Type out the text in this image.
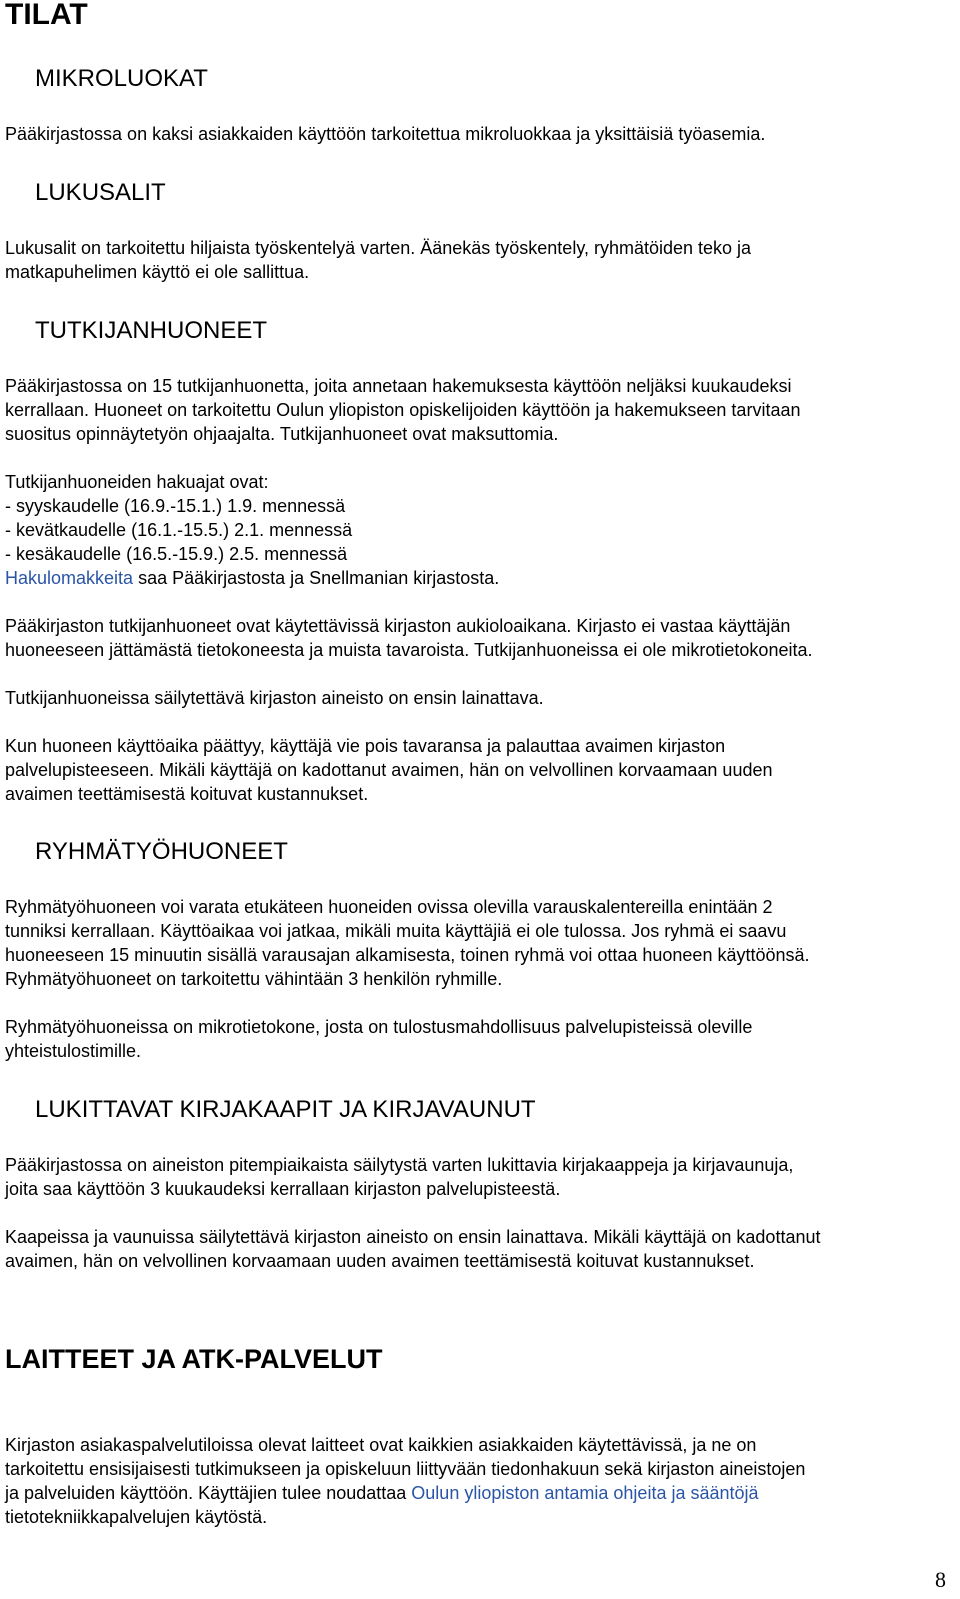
TILAT
MIKROLUOKAT
Pääkirjastossa on kaksi asiakkaiden käyttöön tarkoitettua mikroluokkaa ja yksittäisiä työasemia.
LUKUSALIT
Lukusalit on tarkoitettu hiljaista työskentelyä varten. Äänekäs työskentely, ryhmätöiden teko ja
matkapuhelimen käyttö ei ole sallittua.
TUTKIJANHUONEET
Pääkirjastossa on 15 tutkijanhuonetta, joita annetaan hakemuksesta käyttöön neljäksi kuukaudeksi
kerrallaan. Huoneet on tarkoitettu Oulun yliopiston opiskelijoiden käyttöön ja hakemukseen tarvitaan
suositus opinnäytetyön ohjaajalta. Tutkijanhuoneet ovat maksuttomia.
Tutkijanhuoneiden hakuajat ovat:
- syyskaudelle (16.9.-15.1.) 1.9. mennessä
- kevätkaudelle (16.1.-15.5.) 2.1. mennessä
- kesäkaudelle (16.5.-15.9.) 2.5. mennessä
Hakulomakkeita saa Pääkirjastosta ja Snellmanian kirjastosta.
Pääkirjaston tutkijanhuoneet ovat käytettävissä kirjaston aukioloaikana. Kirjasto ei vastaa käyttäjän
huoneeseen jättämästä tietokoneesta ja muista tavaroista. Tutkijanhuoneissa ei ole mikrotietokoneita.
Tutkijanhuoneissa säilytettävä kirjaston aineisto on ensin lainattava.
Kun huoneen käyttöaika päättyy, käyttäjä vie pois tavaransa ja palauttaa avaimen kirjaston
palvelupisteeseen. Mikäli käyttäjä on kadottanut avaimen, hän on velvollinen korvaamaan uuden
avaimen teettämisestä koituvat kustannukset.
RYHMÄTYÖHUONEET
Ryhmätyöhuoneen voi varata etukäteen huoneiden ovissa olevilla varauskalentereilla enintään 2
tunniksi kerrallaan. Käyttöaikaa voi jatkaa, mikäli muita käyttäjiä ei ole tulossa. Jos ryhmä ei saavu
huoneeseen 15 minuutin sisällä varausajan alkamisesta, toinen ryhmä voi ottaa huoneen käyttöönsä.
Ryhmätyöhuoneet on tarkoitettu vähintään 3 henkilön ryhmille.
Ryhmätyöhuoneissa on mikrotietokone, josta on tulostusmahdollisuus palvelupisteissä oleville
yhteistulostimille.
LUKITTAVAT KIRJAKAAPIT JA KIRJAVAUNUT
Pääkirjastossa on aineiston pitempiaikaista säilytystä varten lukittavia kirjakaappeja ja kirjavaunuja,
joita saa käyttöön 3 kuukaudeksi kerrallaan kirjaston palvelupisteestä.
Kaapeissa ja vaunuissa säilytettävä kirjaston aineisto on ensin lainattava. Mikäli käyttäjä on kadottanut
avaimen, hän on velvollinen korvaamaan uuden avaimen teettämisestä koituvat kustannukset.
LAITTEET JA ATK-PALVELUT
Kirjaston asiakaspalvelutiloissa olevat laitteet ovat kaikkien asiakkaiden käytettävissä, ja ne on
tarkoitettu ensisijaisesti tutkimukseen ja opiskeluun liittyvään tiedonhakuun sekä kirjaston aineistojen
ja palveluiden käyttöön. Käyttäjien tulee noudattaa Oulun yliopiston antamia ohjeita ja sääntöjä
tietotekniikkapalvelujen käytöstä.
8
